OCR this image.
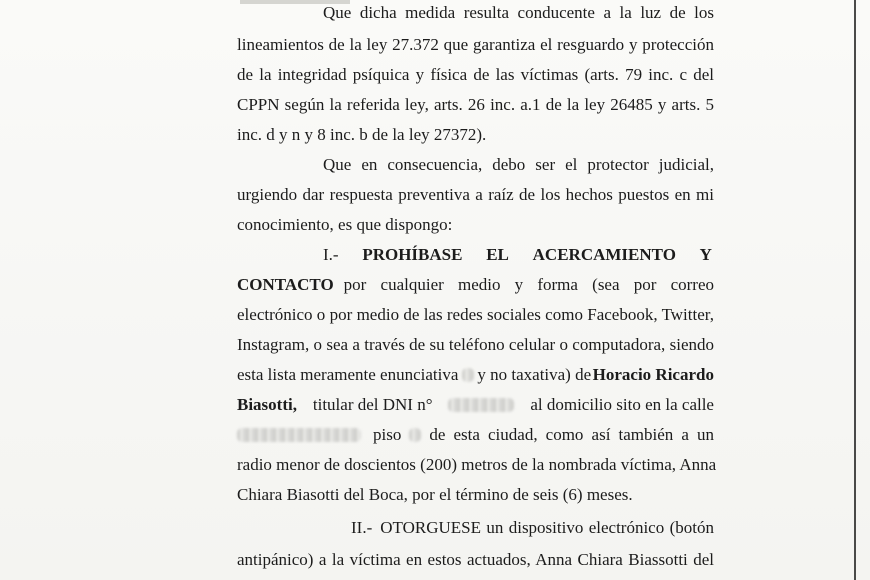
Que dicha medida resulta conducente a la luz de los
lineamientos de la ley 27.372 que garantiza el resguardo y protección
de la integridad psíquica y física de las víctimas (arts. 79 inc. c del
CPPN según la referida ley, arts. 26 inc. a.1 de la ley 26485 y arts. 5
inc. d y n y 8 inc. b de la ley 27372).
Que en consecuencia, debo ser el protector judicial,
urgiendo dar respuesta preventiva a raíz de los hechos puestos en mi
conocimiento, es que dispongo:
I.- PROHÍBASE EL ACERCAMIENTO Y
CONTACTO por cualquier medio y forma (sea por correo
electrónico o por medio de las redes sociales como Facebook, Twitter,
Instagram, o sea a través de su teléfono celular o computadora, siendo
esta lista meramente enunciativa y no taxativa) de Horacio Ricardo
Biasotti, titular del DNI n°	al domicilio sito en la calle
piso de esta ciudad, como así también a un
radio menor de doscientos (200) metros de la nombrada víctima, Anna
Chiara Biasotti del Boca, por el término de seis (6) meses.
II.- OTORGUESE un dispositivo electrónico (botón
antipánico) a la víctima en estos actuados, Anna Chiara Biassotti del
